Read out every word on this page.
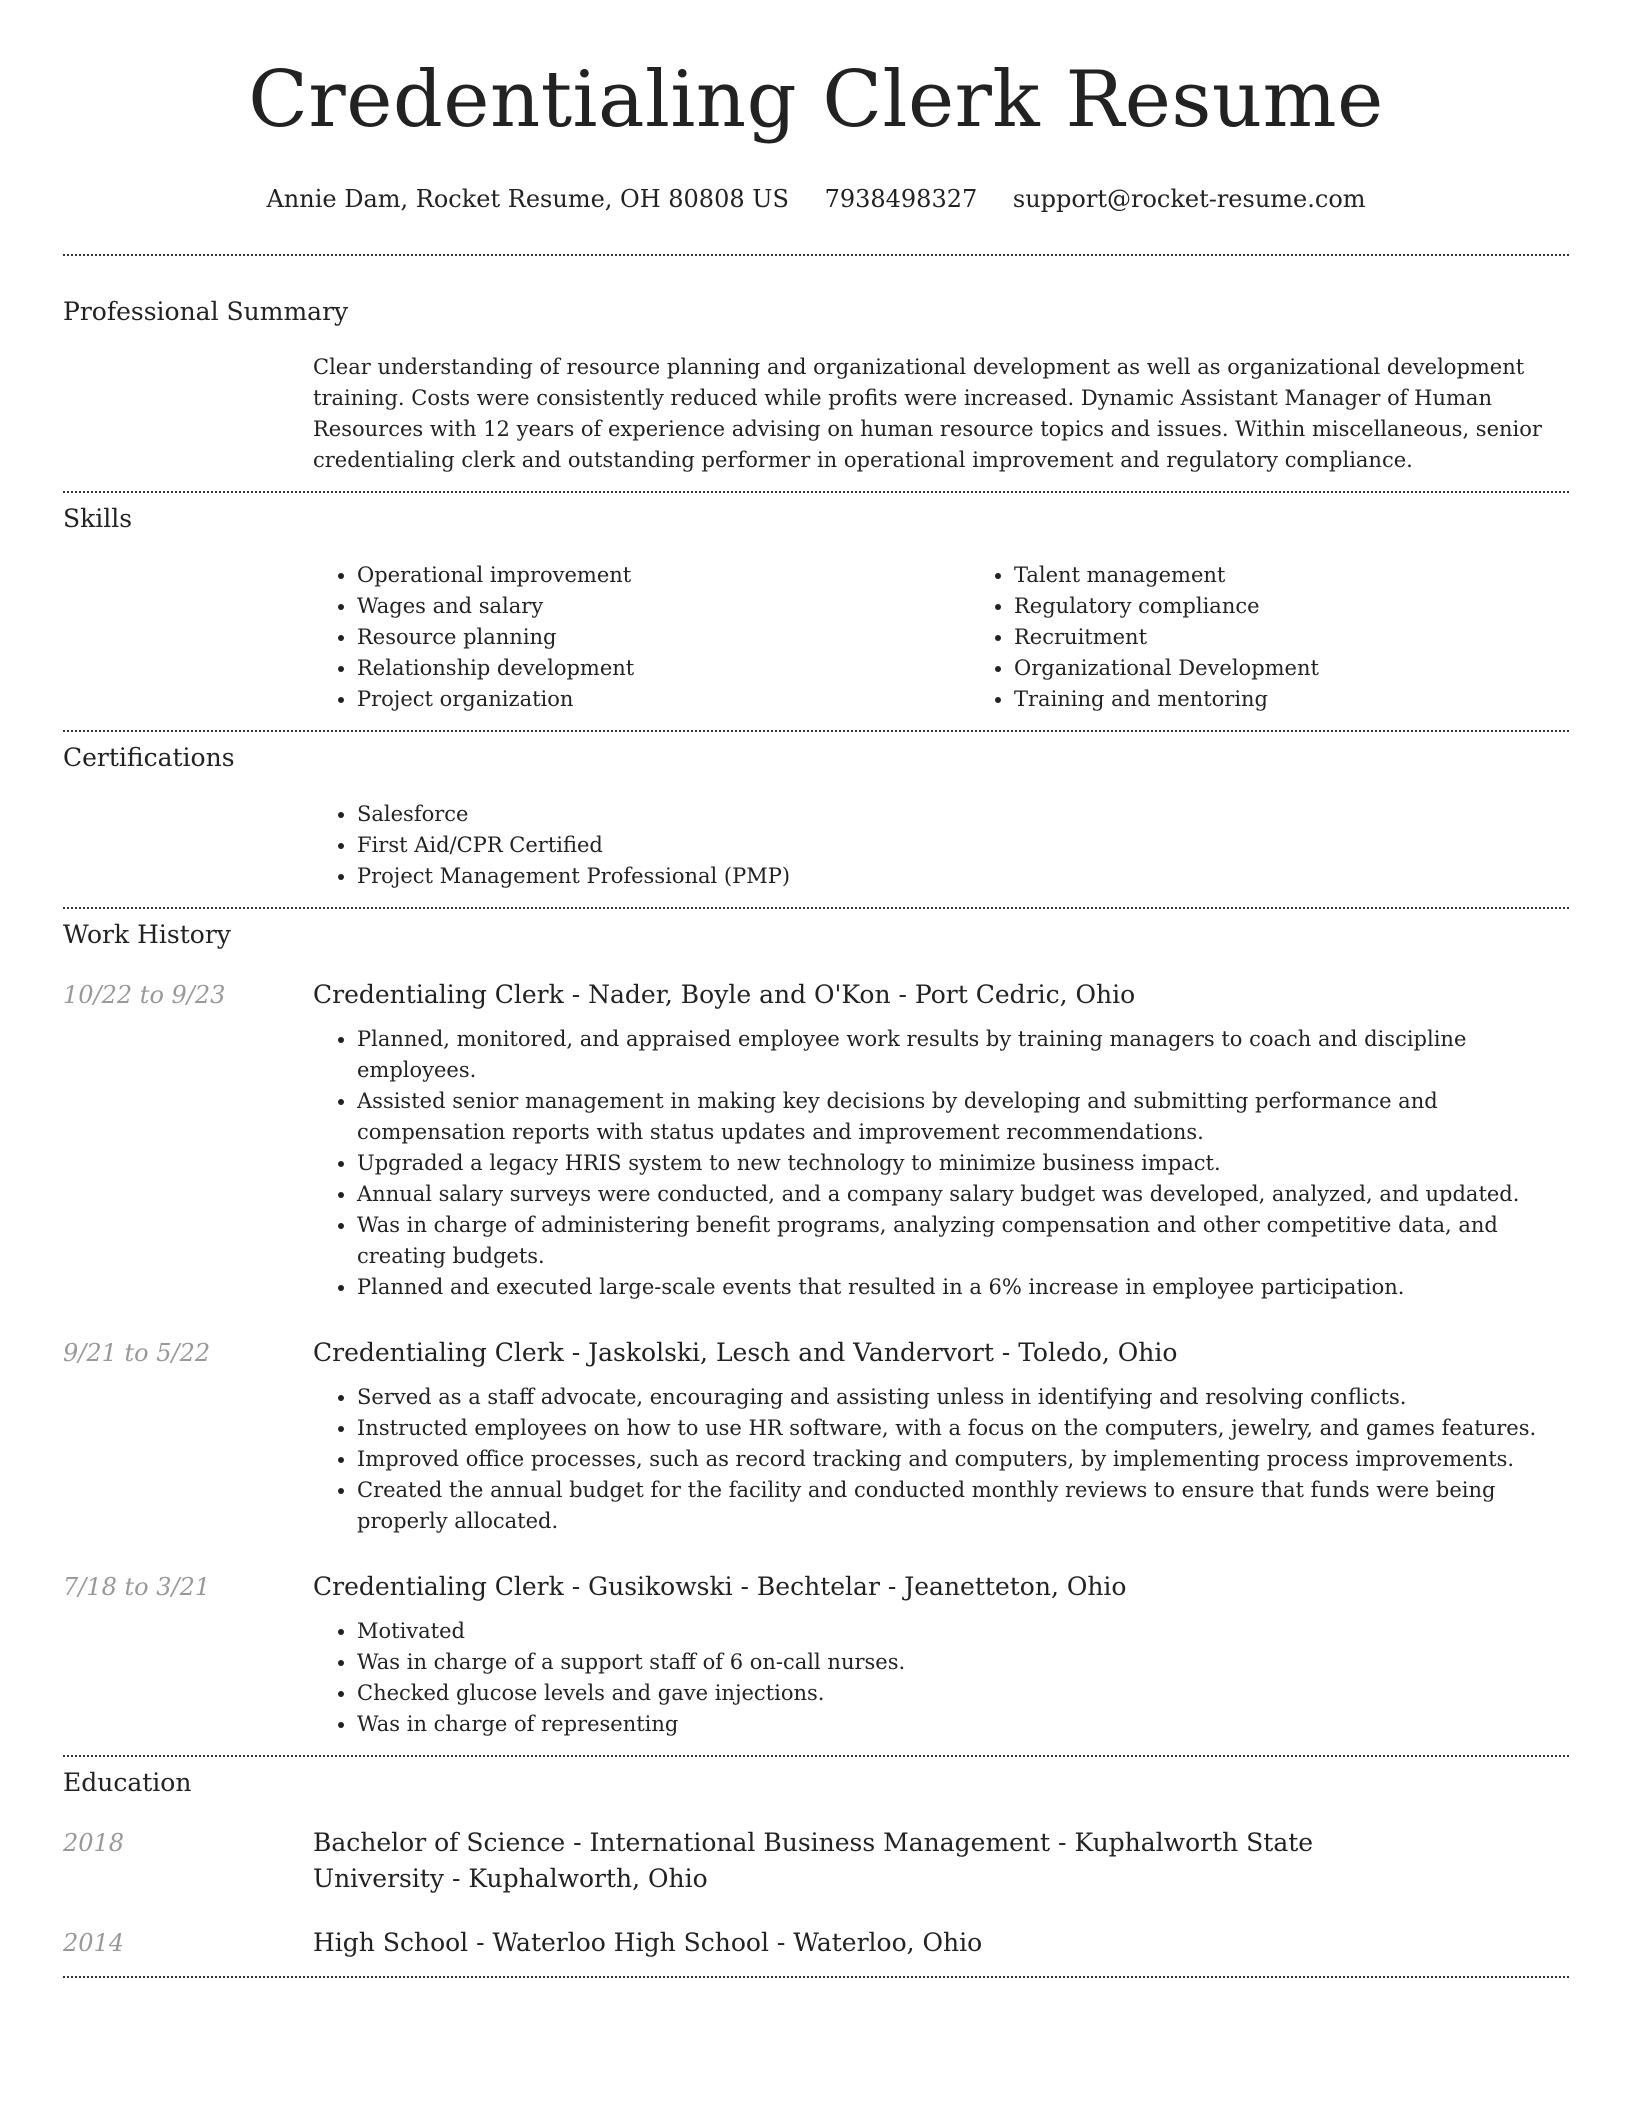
Credentialing Clerk Resume
Annie Dam, Rocket Resume, OH 80808 US 7938498327 support@rocket-resume.com
Professional Summary
Clear understanding of resource planning and organizational development as well as organizational development training. Costs were consistently reduced while profits were increased. Dynamic Assistant Manager of Human Resources with 12 years of experience advising on human resource topics and issues. Within miscellaneous, senior credentialing clerk and outstanding performer in operational improvement and regulatory compliance.
Skills
• Operational improvement
• Wages and salary
• Resource planning
• Relationship development
• Project organization
• Talent management
• Regulatory compliance
• Recruitment
• Organizational Development
• Training and mentoring
Certifications
• Salesforce
• First Aid/CPR Certified
• Project Management Professional (PMP)
Work History
10/22 to 9/23	Credentialing Clerk - Nader, Boyle and O'Kon - Port Cedric, Ohio
• Planned, monitored, and appraised employee work results by training managers to coach and discipline employees.
• Assisted senior management in making key decisions by developing and submitting performance and compensation reports with status updates and improvement recommendations.
• Upgraded a legacy HRIS system to new technology to minimize business impact.
• Annual salary surveys were conducted, and a company salary budget was developed, analyzed, and updated.
• Was in charge of administering benefit programs, analyzing compensation and other competitive data, and creating budgets.
• Planned and executed large-scale events that resulted in a 6% increase in employee participation.
9/21 to 5/22	Credentialing Clerk - Jaskolski, Lesch and Vandervort - Toledo, Ohio
• Served as a staff advocate, encouraging and assisting unless in identifying and resolving conflicts.
• Instructed employees on how to use HR software, with a focus on the computers, jewelry, and games features.
• Improved office processes, such as record tracking and computers, by implementing process improvements.
• Created the annual budget for the facility and conducted monthly reviews to ensure that funds were being properly allocated.
7/18 to 3/21	Credentialing Clerk - Gusikowski - Bechtelar - Jeanetteton, Ohio
• Motivated
• Was in charge of a support staff of 6 on-call nurses.
• Checked glucose levels and gave injections.
• Was in charge of representing
Education
2018	Bachelor of Science - International Business Management - Kuphalworth State University - Kuphalworth, Ohio
2014	High School - Waterloo High School - Waterloo, Ohio
